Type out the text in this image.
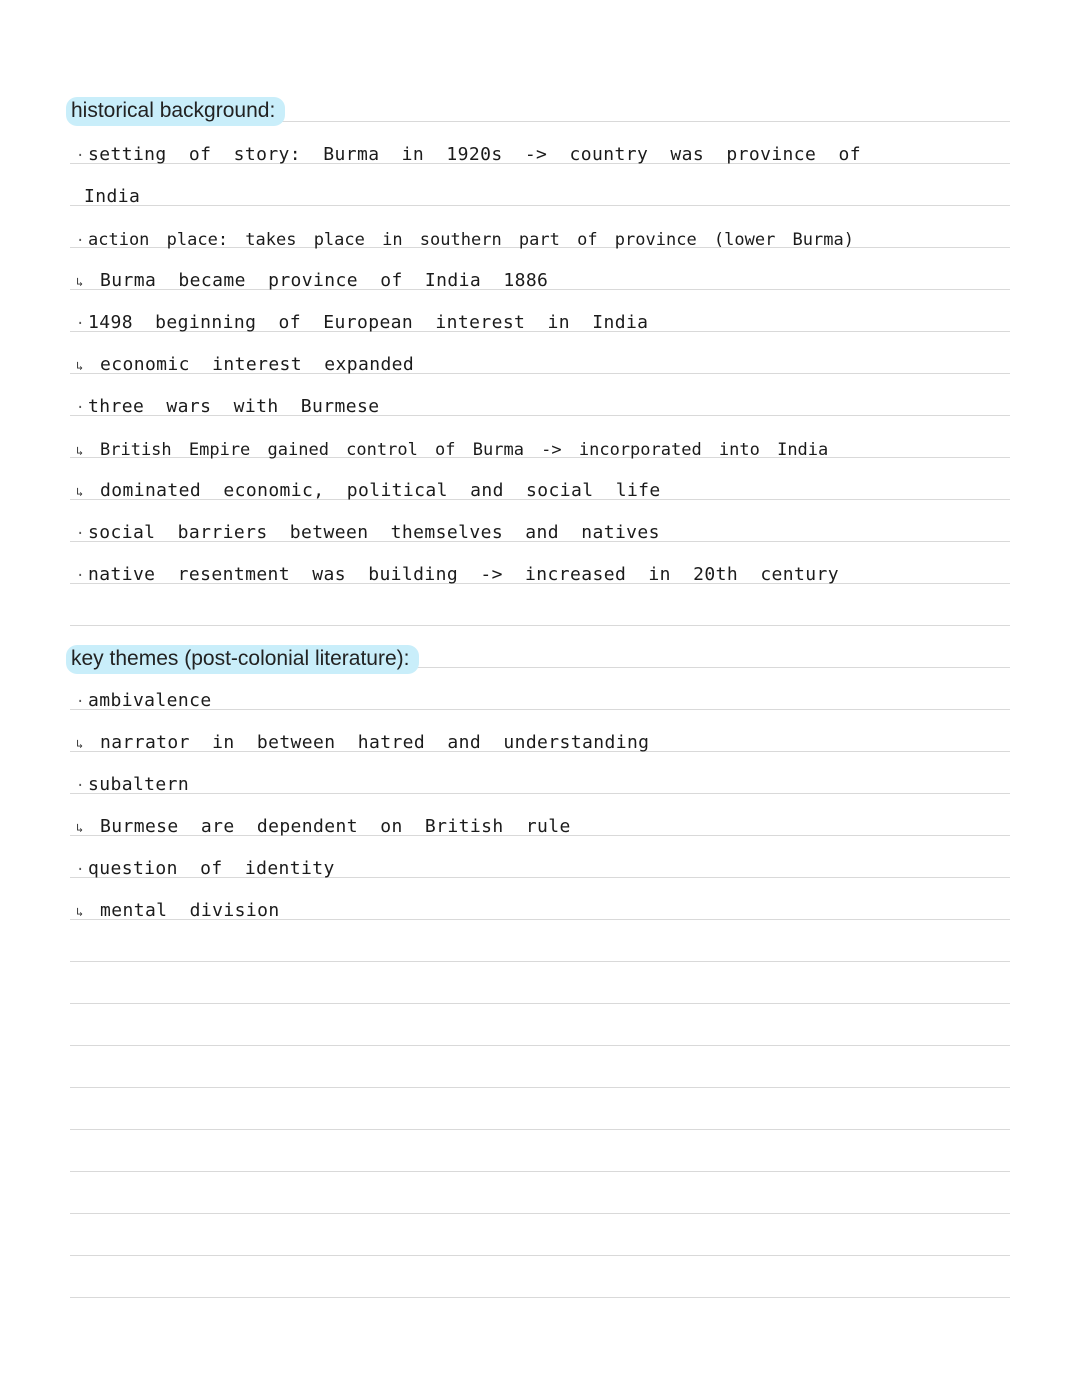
historical background:
· setting of story: Burma in 1920s -> country was province of
India
· action place: takes place in southern part of province (lower Burma)
↳ Burma became province of India 1886
· 1498 beginning of European interest in India
↳ economic interest expanded
· three wars with Burmese
↳ British Empire gained control of Burma -> incorporated into India
↳ dominated economic, political and social life
· social barriers between themselves and natives
· native resentment was building -> increased in 20th century
key themes (post-colonial literature):
· ambivalence
↳ narrator in between hatred and understanding
· subaltern
↳ Burmese are dependent on British rule
· question of identity
↳ mental division
